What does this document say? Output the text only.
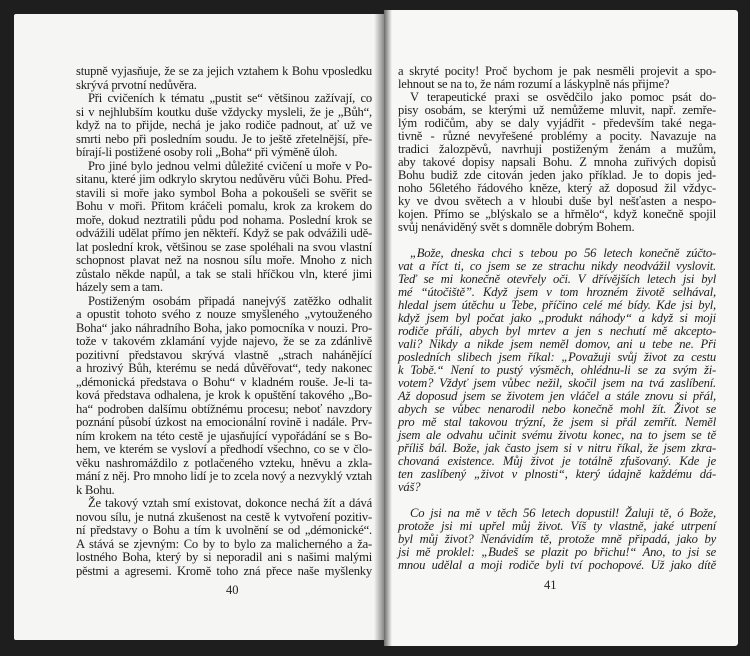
stupně vyjasňuje, že se za jejich vztahem k Bohu vposledku
skrývá prvotní nedůvěra.
Při cvičeních k tématu „pustit se“ většinou zažívají, co
si v nejhlubším koutku duše vždycky mysleli, že je „Bůh“,
když na to přijde, nechá je jako rodiče padnout, ať už ve
smrti nebo při posledním soudu. Je to ještě zřetelnější, pře-
bírají-li postižené osoby roli „Boha“ při výměně úloh.
Pro jiné bylo jednou velmi důležité cvičení u moře v Po-
sitanu, které jim odkrylo skrytou nedůvěru vůči Bohu. Před-
stavili si moře jako symbol Boha a pokoušeli se svěřit se
Bohu v moři. Přitom kráčeli pomalu, krok za krokem do
moře, dokud neztratili půdu pod nohama. Poslední krok se
odvážili udělat přímo jen někteří. Když se pak odvážili udě-
lat poslední krok, většinou se zase spoléhali na svou vlastní
schopnost plavat než na nosnou sílu moře. Mnoho z nich
zůstalo někde napůl, a tak se stali hříčkou vln, které jimi
házely sem a tam.
Postiženým osobám připadá nanejvýš zatěžko odhalit
a opustit tohoto svého z nouze smyšleného „vytouženého
Boha“ jako náhradního Boha, jako pomocníka v nouzi. Pro-
tože v takovém zklamání vyjde najevo, že se za zdánlivě
pozitivní představou skrývá vlastně „strach nahánějící
a hrozivý Bůh, kterému se nedá důvěřovat“, tedy nakonec
„démonická představa o Bohu“ v kladném rouše. Je-li ta-
ková představa odhalena, je krok k opuštění takového „Bo-
ha“ podroben dalšímu obtížnému procesu; neboť navzdory
poznání působí úzkost na emocionální rovině i nadále. Prv-
ním krokem na této cestě je ujasňující vypořádání se s Bo-
hem, ve kterém se vysloví a předhodí všechno, co se v člo-
věku nashromáždilo z potlačeného vzteku, hněvu a zkla-
mání z něj. Pro mnoho lidí je to zcela nový a nezvyklý vztah
k Bohu.
Že takový vztah smí existovat, dokonce nechá žít a dává
novou sílu, je nutná zkušenost na cestě k vytvoření pozitiv-
ní představy o Bohu a tím k uvolnění se od „démonické“.
A stává se zjevným: Co by to bylo za malicherného a ža-
lostného Boha, který by si neporadil ani s našimi malými
pěstmi a agresemi. Kromě toho zná přece naše myšlenky
40
a skryté pocity! Proč bychom je pak nesměli projevit a spo-
lehnout se na to, že nám rozumí a láskyplně nás přijme?
V terapeutické praxi se osvědčilo jako pomoc psát do-
pisy osobám, se kterými už nemůžeme mluvit, např. zemře-
lým rodičům, aby se daly vyjádřit - především také nega-
tivně - různé nevyřešené problémy a pocity. Navazuje na
tradici žalozpěvů, navrhuji postiženým ženám a mužům,
aby takové dopisy napsali Bohu. Z mnoha zuřivých dopisů
Bohu budiž zde citován jeden jako příklad. Je to dopis jed-
noho 56letého řádového kněze, který až doposud žil vždyc-
ky ve dvou světech a v hloubi duše byl nešťasten a nespo-
kojen. Přímo se „blýskalo se a hřmělo“, když konečně spojil
svůj nenáviděný svět s domněle dobrým Bohem.
„Bože, dneska chci s tebou po 56 letech konečně zúčto-
vat a říct ti, co jsem se ze strachu nikdy neodvážil vyslovit.
Teď se mi konečně otevřely oči. V dřívějších letech jsi byl
mé “útočiště”. Když jsem v tom hrozném životě selhával,
hledal jsem útěchu u Tebe, příčino celé mé bídy. Kde jsi byl,
když jsem byl počat jako „produkt náhody“ a když si moji
rodiče přáli, abych byl mrtev a jen s nechutí mě akcepto-
vali? Nikdy a nikde jsem neměl domov, ani u tebe ne. Při
posledních slibech jsem říkal: „Považuji svůj život za cestu
k Tobě.“ Není to pustý výsměch, ohlédnu-li se za svým ži-
votem? Vždyť jsem vůbec nežil, skočil jsem na tvá zaslíbení.
Až doposud jsem se životem jen vláčel a stále znovu si přál,
abych se vůbec nenarodil nebo konečně mohl žít. Život se
pro mě stal takovou trýzní, že jsem si přál zemřít. Neměl
jsem ale odvahu učinit svému životu konec, na to jsem se tě
příliš bál. Bože, jak často jsem si v nitru říkal, že jsem zkra-
chovaná existence. Můj život je totálně zfušovaný. Kde je
ten zaslíbený „život v plnosti“, který údajně každému dá-
váš?
Co jsi na mě v těch 56 letech dopustil! Žaluji tě, ó Bože,
protože jsi mi upřel můj život. Víš ty vlastně, jaké utrpení
byl můj život? Nenávidím tě, protože mně připadá, jako by
jsi mě proklel: „Budeš se plazit po břichu!“ Ano, to jsi se
mnou udělal a moji rodiče byli tví pochopové. Už jako dítě
41
